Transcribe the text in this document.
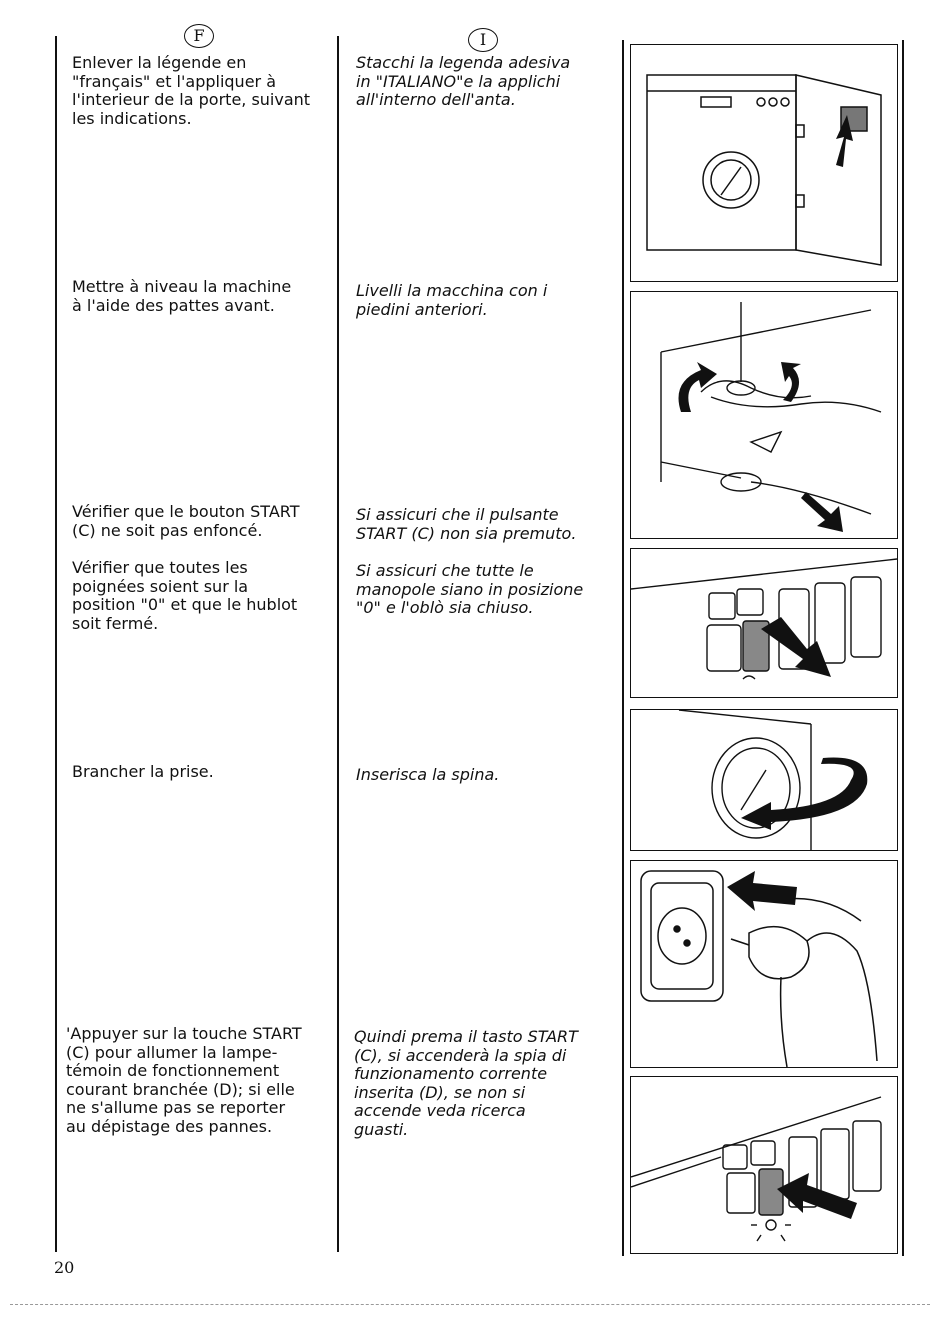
F	I
Enlever la légende en
"français" et l'appliquer à
l'interieur de la porte, suivant
les indications.
Stacchi la legenda adesiva
in "ITALIANO"e la applichi
all'interno dell'anta.
Mettre à niveau la machine
à l'aide des pattes avant.
Livelli la macchina con i
piedini anteriori.
Vérifier que le bouton START
(C) ne soit pas enfoncé.
Si assicuri che il pulsante
START (C) non sia premuto.
Vérifier que toutes les
poignées soient sur la
position "0" et que le hublot
soit fermé.
Si assicuri che tutte le
manopole siano in posizione
"0" e l'oblò sia chiuso.
Brancher la prise.	Inserisca la spina.
'Appuyer sur la touche START
(C) pour allumer la lampe-
témoin de fonctionnement
courant branchée (D); si elle
ne s'allume pas se reporter
au dépistage des pannes.
Quindi prema il tasto START
(C), si accenderà la spia di
funzionamento corrente
inserita (D), se non si
accende veda ricerca
guasti.
20
